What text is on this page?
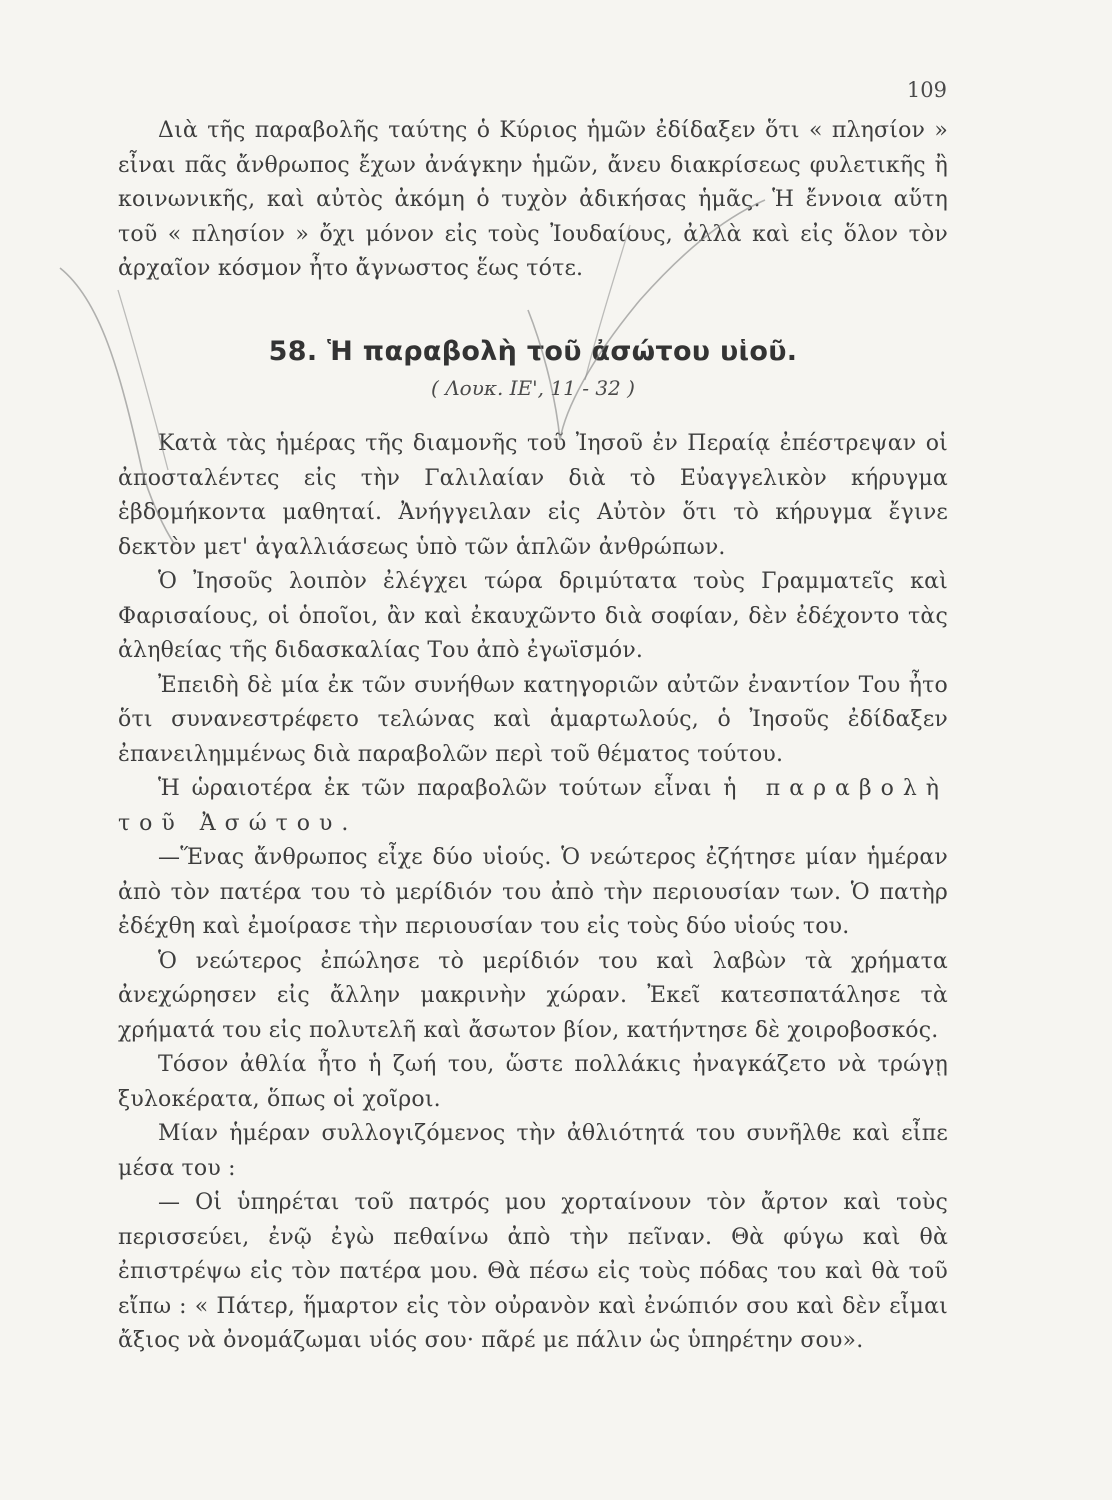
109

Διὰ τῆς παραβολῆς ταύτης ὁ Κύριος ἡμῶν ἐδίδαξεν ὅτι « πλησίον » εἶναι πᾶς ἄνθρωπος ἔχων ἀνάγκην ἡμῶν, ἄνευ διακρίσεως φυλετικῆς ἢ κοινωνικῆς, καὶ αὐτὸς ἀκόμη ὁ τυχὸν ἀδικήσας ἡμᾶς. Ἡ ἔννοια αὕτη τοῦ « πλησίον » ὄχι μόνον εἰς τοὺς Ἰουδαίους, ἀλλὰ καὶ εἰς ὅλον τὸν ἀρχαῖον κόσμον ἦτο ἄγνωστος ἕως τότε.

58. Ἡ παραβολὴ τοῦ ἀσώτου υἱοῦ.
( Λουκ. ΙΕ', 11 - 32 )

Κατὰ τὰς ἡμέρας τῆς διαμονῆς τοῦ Ἰησοῦ ἐν Περαίᾳ ἐπέστρεψαν οἱ ἀποσταλέντες εἰς τὴν Γαλιλαίαν διὰ τὸ Εὐαγγελικὸν κήρυγμα ἑβδομήκοντα μαθηταί. Ἀνήγγειλαν εἰς Αὐτὸν ὅτι τὸ κήρυγμα ἔγινε δεκτὸν μετ' ἀγαλλιάσεως ὑπὸ τῶν ἁπλῶν ἀνθρώπων.

Ὁ Ἰησοῦς λοιπὸν ἐλέγχει τώρα δριμύτατα τοὺς Γραμματεῖς καὶ Φαρισαίους, οἱ ὁποῖοι, ἂν καὶ ἐκαυχῶντο διὰ σοφίαν, δὲν ἐδέχοντο τὰς ἀληθείας τῆς διδασκαλίας Του ἀπὸ ἐγωϊσμόν.

Ἐπειδὴ δὲ μία ἐκ τῶν συνήθων κατηγοριῶν αὐτῶν ἐναντίον Του ἦτο ὅτι συνανεστρέφετο τελώνας καὶ ἁμαρτωλούς, ὁ Ἰησοῦς ἐδίδαξεν ἐπανειλημμένως διὰ παραβολῶν περὶ τοῦ θέματος τούτου.

Ἡ ὡραιοτέρα ἐκ τῶν παραβολῶν τούτων εἶναι ἡ παραβολὴ τοῦ Ἀσώτου.

—Ἕνας ἄνθρωπος εἶχε δύο υἱούς. Ὁ νεώτερος ἐζήτησε μίαν ἡμέραν ἀπὸ τὸν πατέρα του τὸ μερίδιόν του ἀπὸ τὴν περιουσίαν των. Ὁ πατὴρ ἐδέχθη καὶ ἐμοίρασε τὴν περιουσίαν του εἰς τοὺς δύο υἱούς του.

Ὁ νεώτερος ἐπώλησε τὸ μερίδιόν του καὶ λαβὼν τὰ χρήματα ἀνεχώρησεν εἰς ἄλλην μακρινὴν χώραν. Ἐκεῖ κατεσπατάλησε τὰ χρήματά του εἰς πολυτελῆ καὶ ἄσωτον βίον, κατήντησε δὲ χοιροβοσκός.

Τόσον ἀθλία ἦτο ἡ ζωή του, ὥστε πολλάκις ἠναγκάζετο νὰ τρώγῃ ξυλοκέρατα, ὅπως οἱ χοῖροι.

Μίαν ἡμέραν συλλογιζόμενος τὴν ἀθλιότητά του συνῆλθε καὶ εἶπε μέσα του :

— Οἱ ὑπηρέται τοῦ πατρός μου χορταίνουν τὸν ἄρτον καὶ τοὺς περισσεύει, ἐνῷ ἐγὼ πεθαίνω ἀπὸ τὴν πεῖναν. Θὰ φύγω καὶ θὰ ἐπιστρέψω εἰς τὸν πατέρα μου. Θὰ πέσω εἰς τοὺς πόδας του καὶ θὰ τοῦ εἴπω : « Πάτερ, ἥμαρτον εἰς τὸν οὐρανὸν καὶ ἐνώπιόν σου καὶ δὲν εἶμαι ἄξιος νὰ ὀνομάζωμαι υἱός σου· πᾶρέ με πάλιν ὡς ὑπηρέτην σου».
